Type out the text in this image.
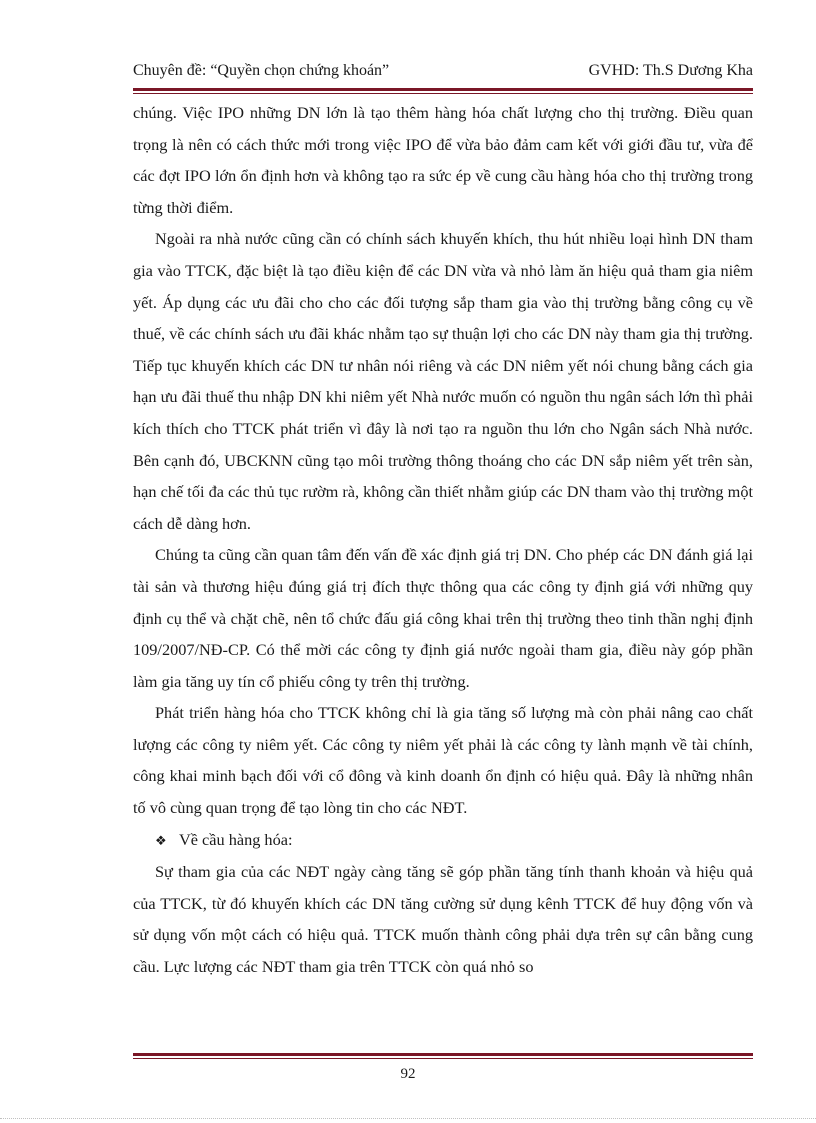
Chuyên đề: “Quyền chọn chứng khoán”	GVHD: Th.S Dương Kha

chúng. Việc IPO những DN lớn là tạo thêm hàng hóa chất lượng cho thị trường. Điều quan trọng là nên có cách thức mới trong việc IPO để vừa bảo đảm cam kết với giới đầu tư, vừa để các đợt IPO lớn ổn định hơn và không tạo ra sức ép về cung cầu hàng hóa cho thị trường trong từng thời điểm.

Ngoài ra nhà nước cũng cần có chính sách khuyến khích, thu hút nhiều loại hình DN tham gia vào TTCK, đặc biệt là tạo điều kiện để các DN vừa và nhỏ làm ăn hiệu quả tham gia niêm yết. Áp dụng các ưu đãi cho cho các đối tượng sắp tham gia vào thị trường bằng công cụ về thuế, về các chính sách ưu đãi khác nhằm tạo sự thuận lợi cho các DN này tham gia thị trường. Tiếp tục khuyến khích các DN tư nhân nói riêng và các DN niêm yết nói chung bằng cách gia hạn ưu đãi thuế thu nhập DN khi niêm yết Nhà nước muốn có nguồn thu ngân sách lớn thì phải kích thích cho TTCK phát triển vì đây là nơi tạo ra nguồn thu lớn cho Ngân sách Nhà nước. Bên cạnh đó, UBCKNN cũng tạo môi trường thông thoáng cho các DN sắp niêm yết trên sàn, hạn chế tối đa các thủ tục rườm rà, không cần thiết nhằm giúp các DN tham vào thị trường một cách dễ dàng hơn.

Chúng ta cũng cần quan tâm đến vấn đề xác định giá trị DN. Cho phép các DN đánh giá lại tài sản và thương hiệu đúng giá trị đích thực thông qua các công ty định giá với những quy định cụ thể và chặt chẽ, nên tổ chức đấu giá công khai trên thị trường theo tinh thần nghị định 109/2007/NĐ-CP. Có thể mời các công ty định giá nước ngoài tham gia, điều này góp phần làm gia tăng uy tín cổ phiếu công ty trên thị trường.

Phát triển hàng hóa cho TTCK không chỉ là gia tăng số lượng mà còn phải nâng cao chất lượng các công ty niêm yết. Các công ty niêm yết phải là các công ty lành mạnh về tài chính, công khai minh bạch đối với cổ đông và kinh doanh ổn định có hiệu quả. Đây là những nhân tố vô cùng quan trọng để tạo lòng tin cho các NĐT.

❖ Về cầu hàng hóa:

Sự tham gia của các NĐT ngày càng tăng sẽ góp phần tăng tính thanh khoản và hiệu quả của TTCK, từ đó khuyến khích các DN tăng cường sử dụng kênh TTCK để huy động vốn và sử dụng vốn một cách có hiệu quả. TTCK muốn thành công phải dựa trên sự cân bằng cung cầu. Lực lượng các NĐT tham gia trên TTCK còn quá nhỏ so

92
